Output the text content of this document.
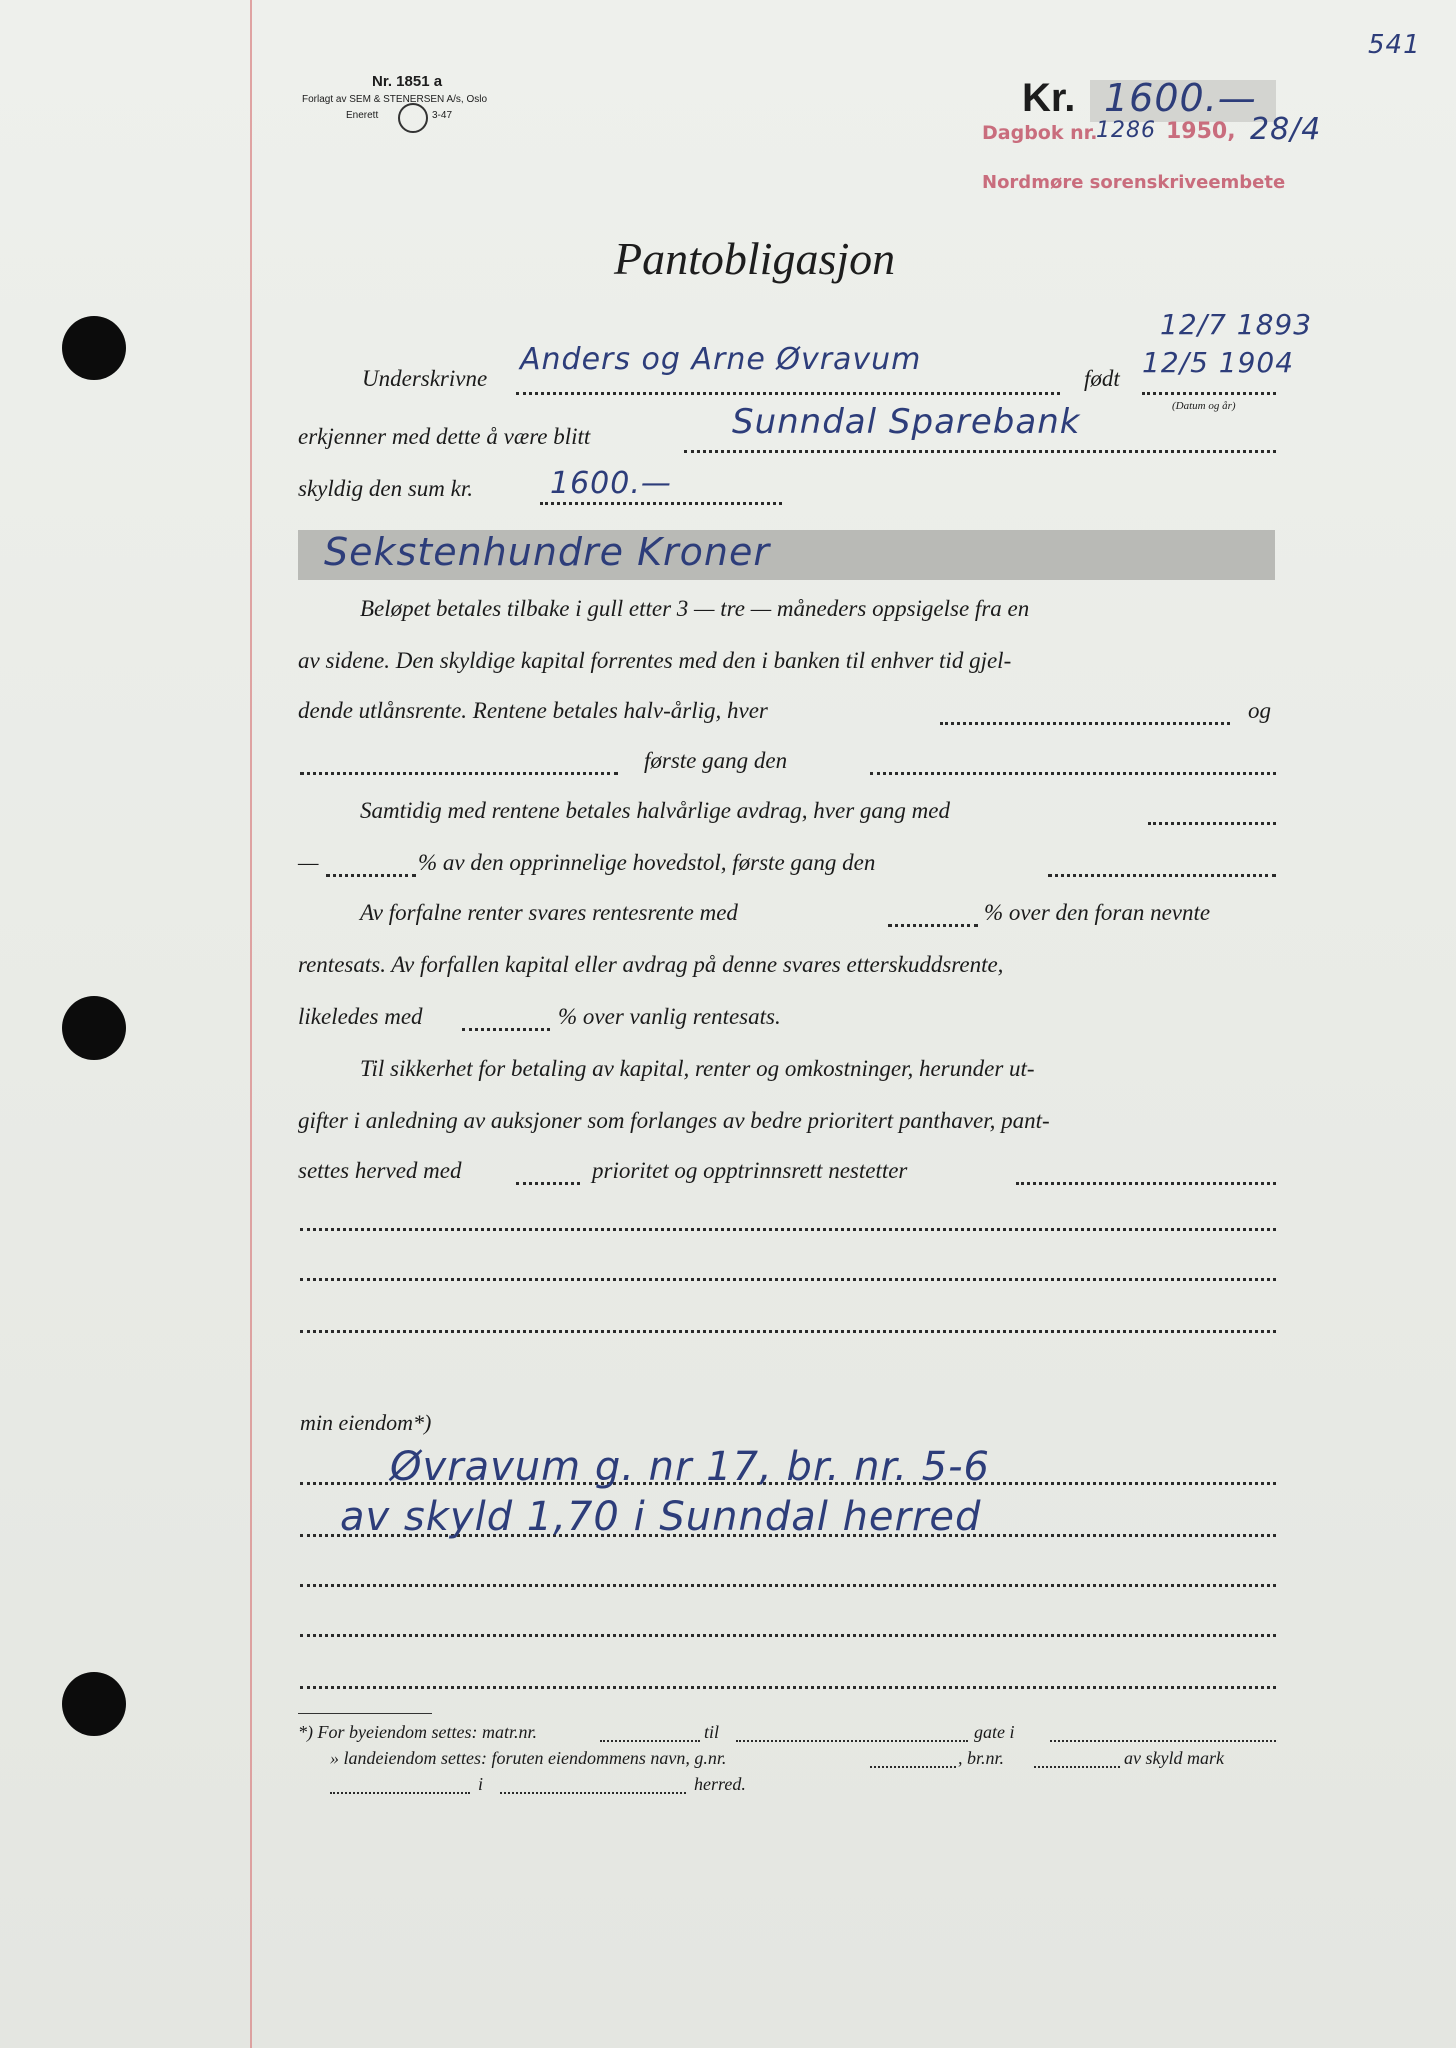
Nr. 1851 a
Forlagt av SEM & STENERSEN A/s, Oslo
Enerett	3-47
541
Kr. 1600.—
Dagbok nr.
1286 1950, 28/4
Nordmøre sorenskriveembete
Pantobligasjon
Underskrivne
Anders og Arne Øvravum
født
12/7 1893
12/5 1904
(Datum og år)
erkjenner med dette å være blitt	Sunndal Sparebank
skyldig den sum kr.	1600.—
Sekstenhundre Kroner
Beløpet betales tilbake i gull etter 3 — tre — måneders oppsigelse fra en
av sidene. Den skyldige kapital forrentes med den i banken til enhver tid gjel-
dende utlånsrente. Rentene betales halv-årlig, hver	og
første gang den
Samtidig med rentene betales halvårlige avdrag, hver gang med
—	% av den opprinnelige hovedstol, første gang den
Av forfalne renter svares rentesrente med	% over den foran nevnte
rentesats. Av forfallen kapital eller avdrag på denne svares etterskuddsrente,
likeledes med	% over vanlig rentesats.
Til sikkerhet for betaling av kapital, renter og omkostninger, herunder ut-
gifter i anledning av auksjoner som forlanges av bedre prioritert panthaver, pant-
settes herved med	prioritet og opptrinnsrett nestetter
min eiendom*)
Øvravum g. nr 17, br. nr. 5-6
av skyld 1,70 i Sunndal herred
*) For byeiendom settes: matr.nr.	til	gate i
» landeiendom settes: foruten eiendommens navn, g.nr.	, br.nr.	av skyld mark
i	herred.
